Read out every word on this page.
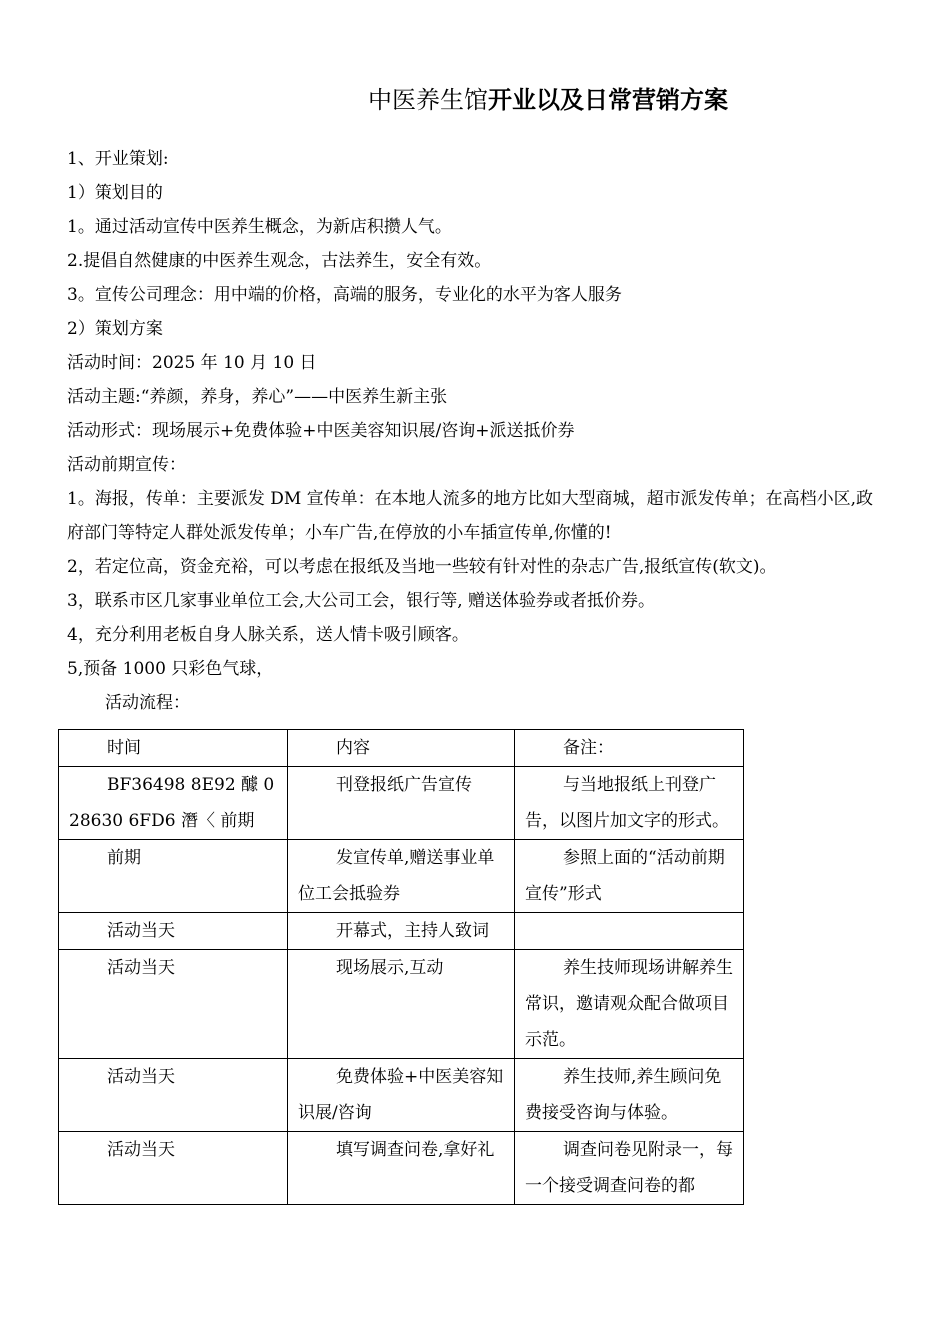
中医养生馆开业以及日常营销方案
1、开业策划:
1）策划目的
1。通过活动宣传中医养生概念，为新店积攒人气。
2.提倡自然健康的中医养生观念，古法养生，安全有效。
3。宣传公司理念：用中端的价格，高端的服务，专业化的水平为客人服务
2）策划方案
活动时间：2025 年 10 月 10 日
活动主题:“养颜，养身，养心”——中医养生新主张
活动形式：现场展示+免费体验+中医美容知识展/咨询+派送抵价券
活动前期宣传：
1。海报，传单：主要派发 DM 宣传单：在本地人流多的地方比如大型商城，超市派发传单；在高档小区,政府部门等特定人群处派发传单；小车广告,在停放的小车插宣传单,你懂的!
2，若定位高，资金充裕，可以考虑在报纸及当地一些较有针对性的杂志广告,报纸宣传(软文)。
3，联系市区几家事业单位工会,大公司工会，银行等, 赠送体验券或者抵价券。
4，充分利用老板自身人脉关系，送人情卡吸引顾客。
5,预备 1000 只彩色气球，
活动流程：
时间	内容	备注：
BF36498 8E92 醵 0 28630 6FD6 潛〈 前期	刊登报纸广告宣传	与当地报纸上刊登广告，以图片加文字的形式。
前期	发宣传单,赠送事业单位工会抵验券	参照上面的“活动前期宣传”形式
活动当天	开幕式，主持人致词	
活动当天	现场展示,互动	养生技师现场讲解养生常识，邀请观众配合做项目示范。
活动当天	免费体验+中医美容知识展/咨询	养生技师,养生顾问免费接受咨询与体验。
活动当天	填写调查问卷,拿好礼	调查问卷见附录一，每一个接受调查问卷的都
